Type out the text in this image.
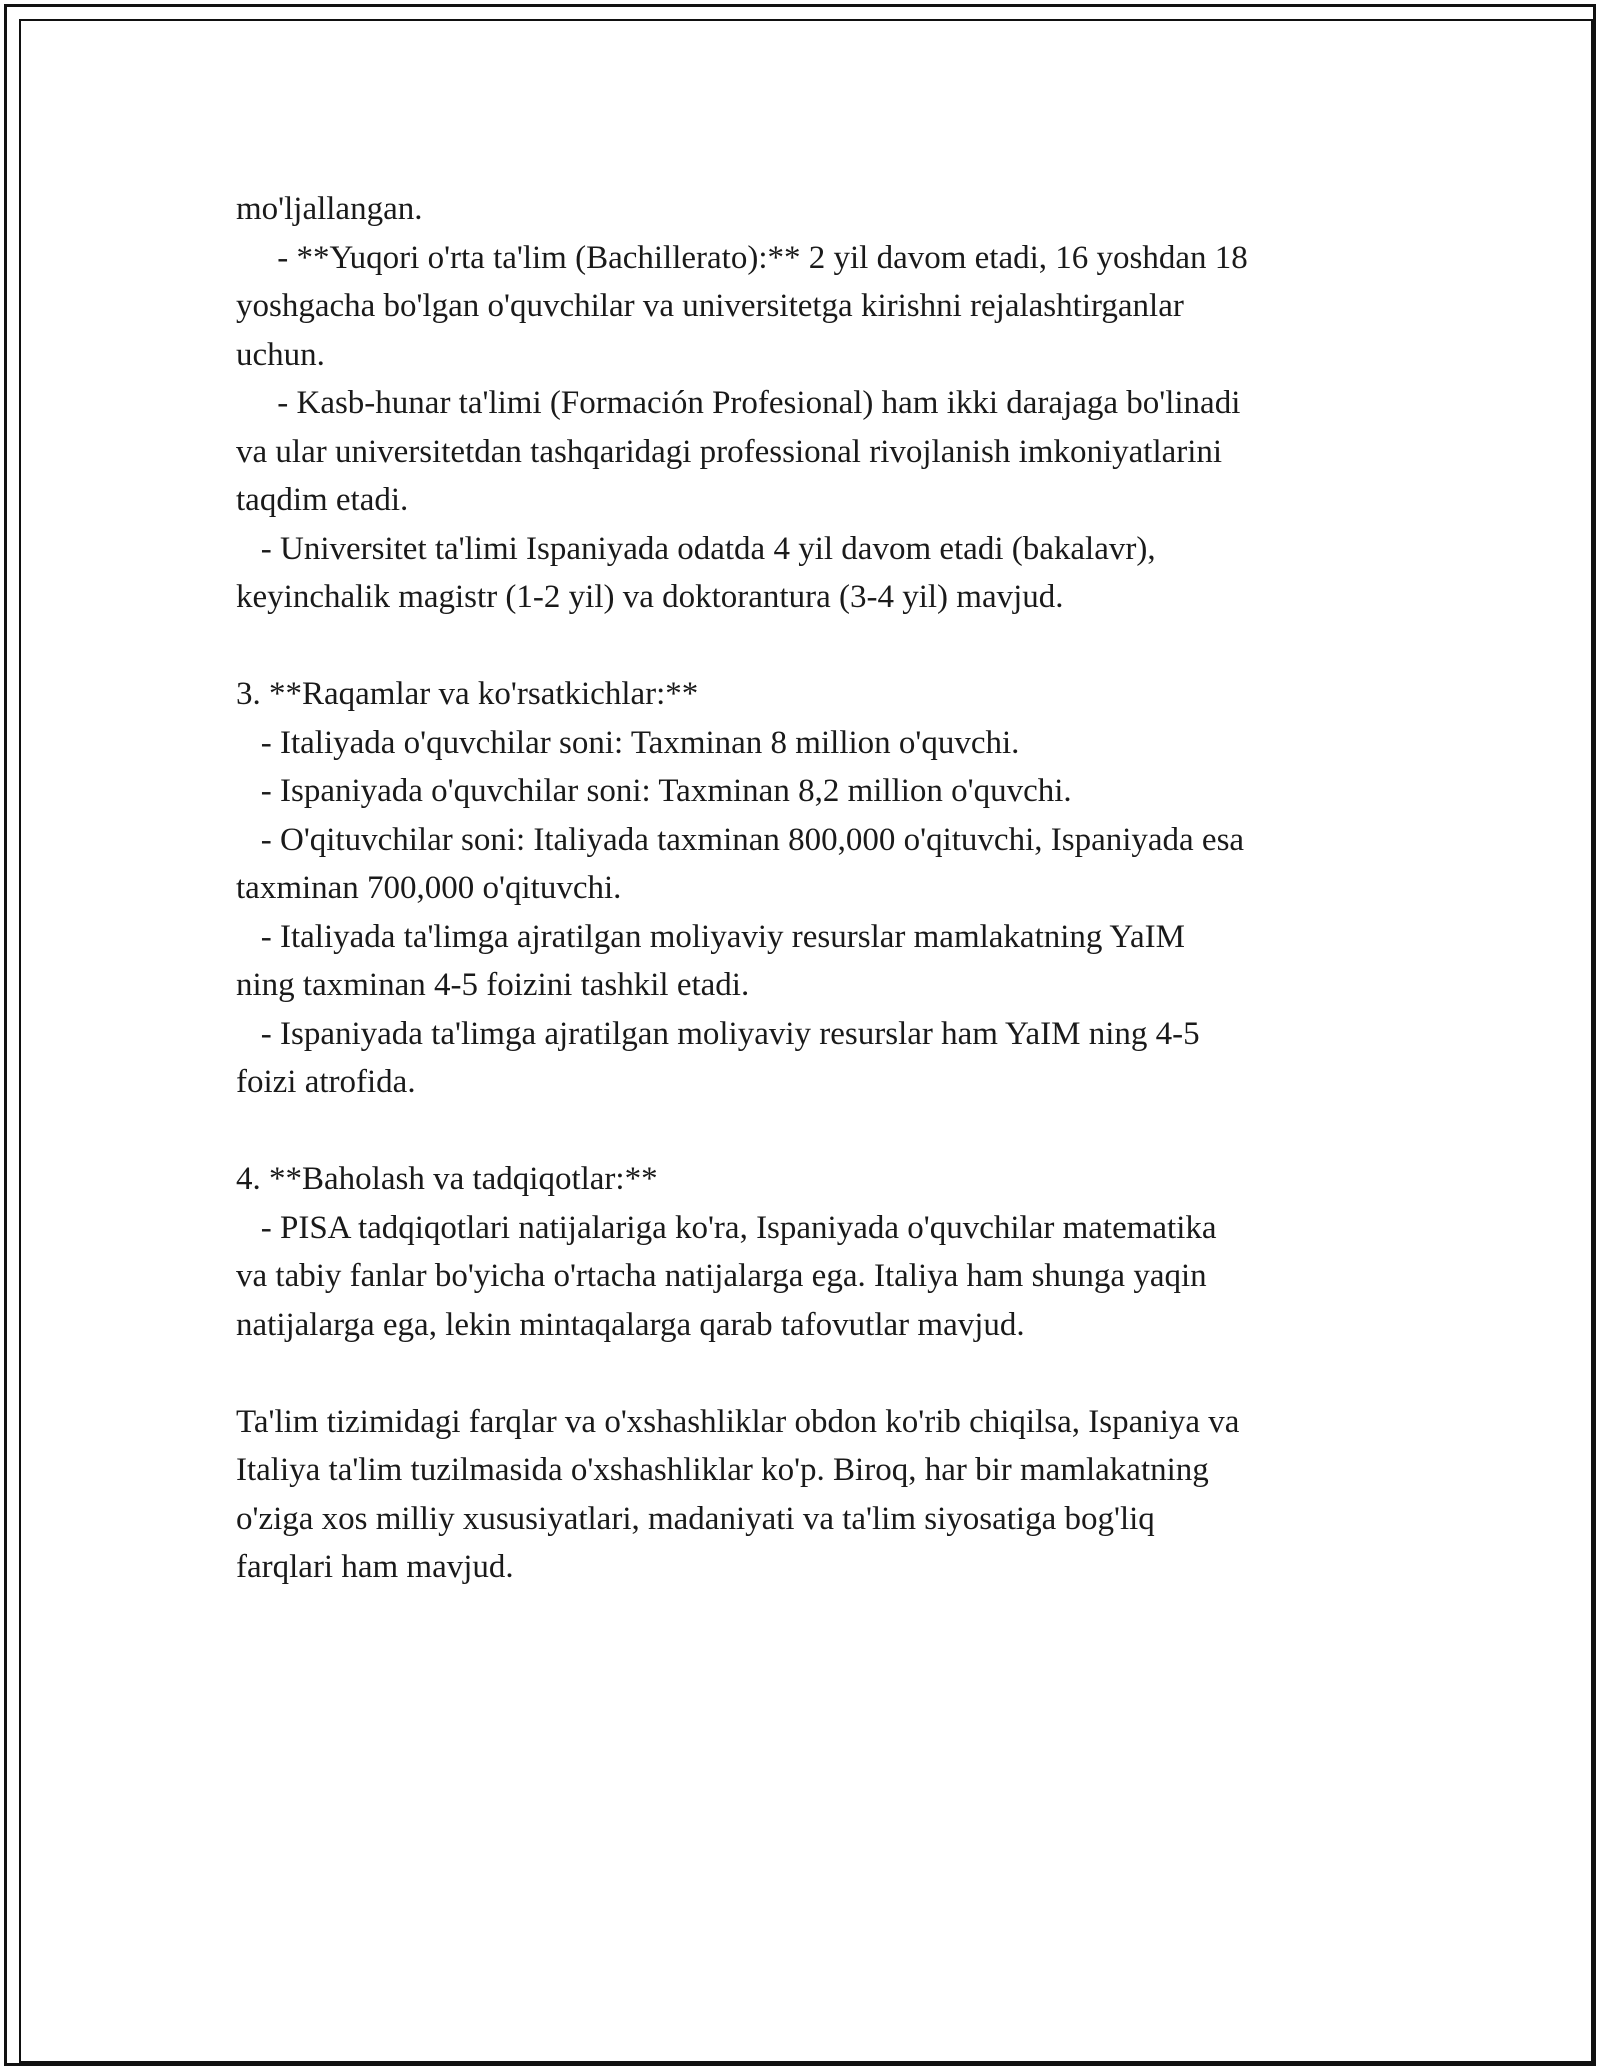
mo'ljallangan.
- **Yuqori o'rta ta'lim (Bachillerato):** 2 yil davom etadi, 16 yoshdan 18
yoshgacha bo'lgan o'quvchilar va universitetga kirishni rejalashtirganlar
uchun.
- Kasb-hunar ta'limi (Formación Profesional) ham ikki darajaga bo'linadi
va ular universitetdan tashqaridagi professional rivojlanish imkoniyatlarini
taqdim etadi.
- Universitet ta'limi Ispaniyada odatda 4 yil davom etadi (bakalavr),
keyinchalik magistr (1-2 yil) va doktorantura (3-4 yil) mavjud.
3. **Raqamlar va ko'rsatkichlar:**
- Italiyada o'quvchilar soni: Taxminan 8 million o'quvchi.
- Ispaniyada o'quvchilar soni: Taxminan 8,2 million o'quvchi.
- O'qituvchilar soni: Italiyada taxminan 800,000 o'qituvchi, Ispaniyada esa
taxminan 700,000 o'qituvchi.
- Italiyada ta'limga ajratilgan moliyaviy resurslar mamlakatning YaIM
ning taxminan 4-5 foizini tashkil etadi.
- Ispaniyada ta'limga ajratilgan moliyaviy resurslar ham YaIM ning 4-5
foizi atrofida.
4. **Baholash va tadqiqotlar:**
- PISA tadqiqotlari natijalariga ko'ra, Ispaniyada o'quvchilar matematika
va tabiy fanlar bo'yicha o'rtacha natijalarga ega. Italiya ham shunga yaqin
natijalarga ega, lekin mintaqalarga qarab tafovutlar mavjud.
Ta'lim tizimidagi farqlar va o'xshashliklar obdon ko'rib chiqilsa, Ispaniya va
Italiya ta'lim tuzilmasida o'xshashliklar ko'p. Biroq, har bir mamlakatning
o'ziga xos milliy xususiyatlari, madaniyati va ta'lim siyosatiga bog'liq
farqlari ham mavjud.
